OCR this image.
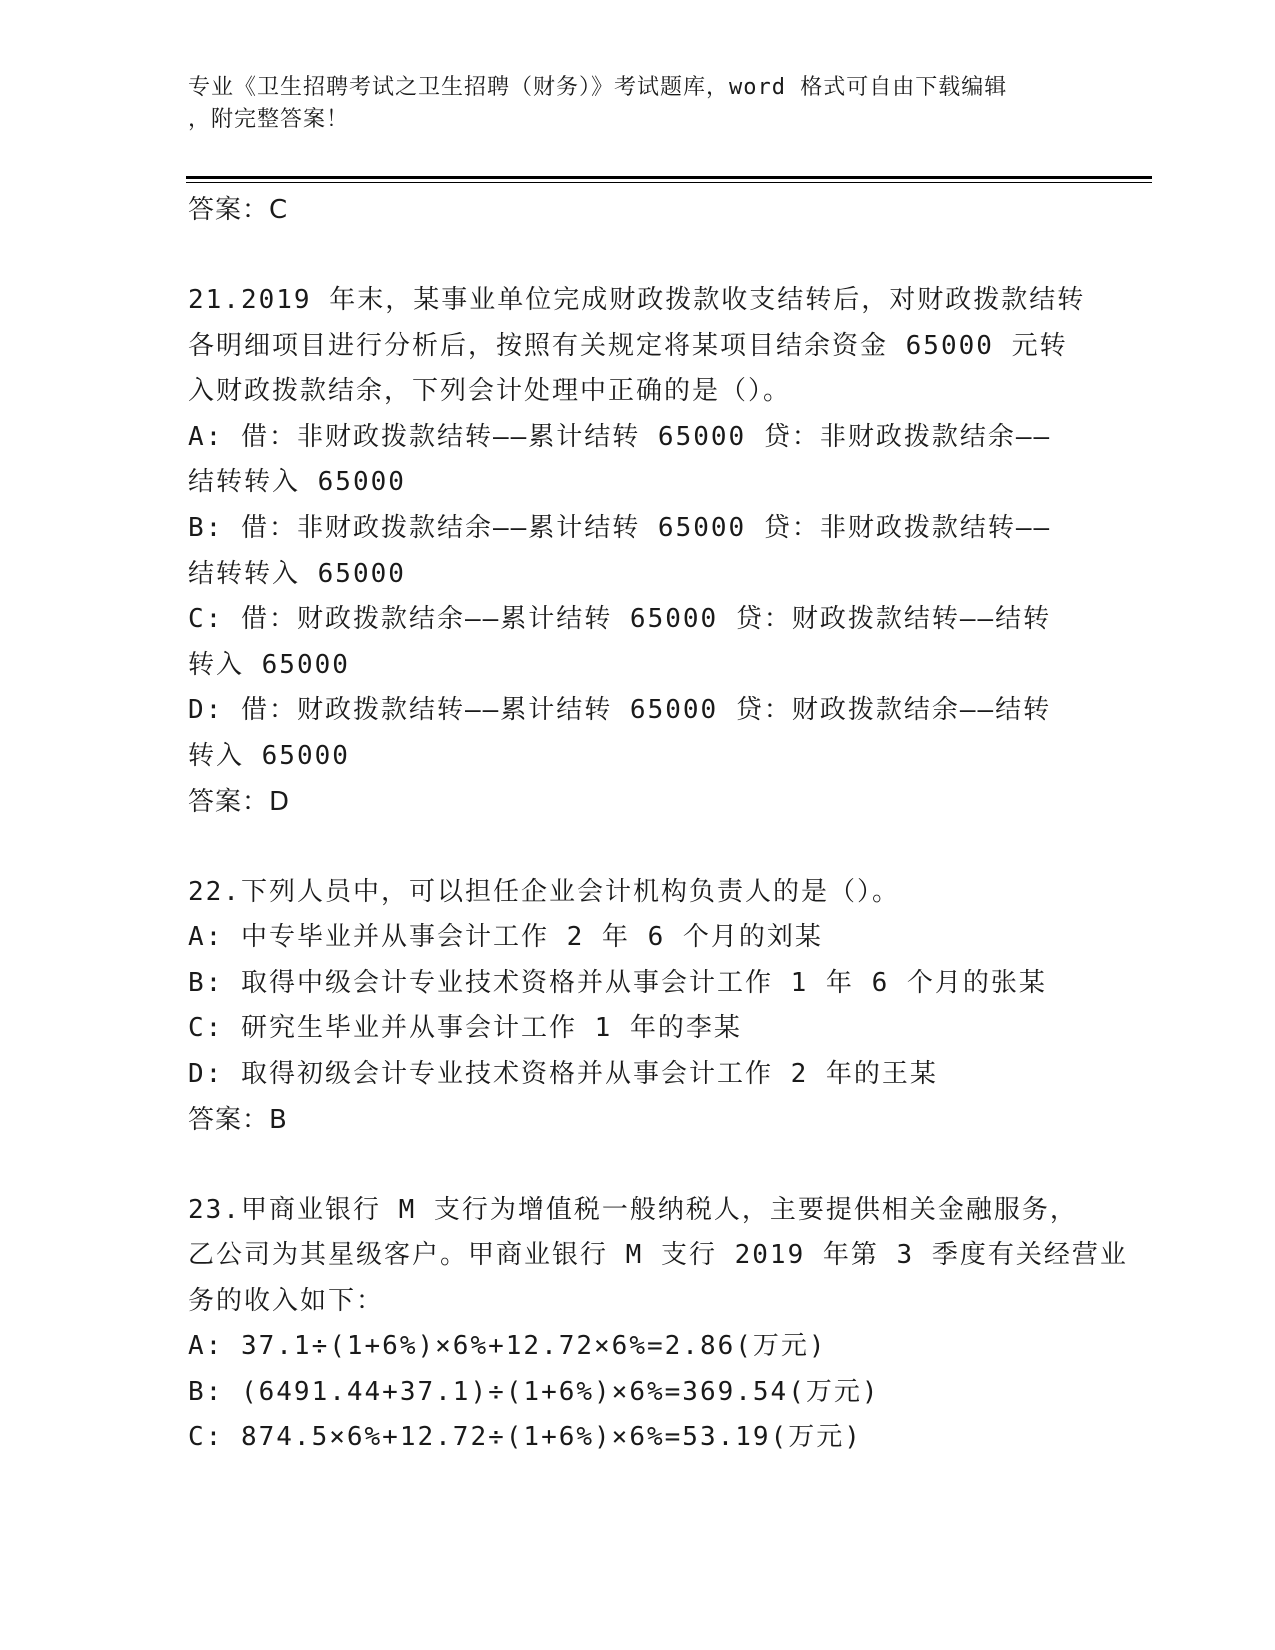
专业《卫生招聘考试之卫生招聘（财务）》考试题库，word 格式可自由下载编辑
，附完整答案！
答案：C
21.2019 年末，某事业单位完成财政拨款收支结转后，对财政拨款结转
各明细项目进行分析后，按照有关规定将某项目结余资金 65000 元转
入财政拨款结余，下列会计处理中正确的是（）。
A: 借：非财政拨款结转——累计结转 65000 贷：非财政拨款结余——
结转转入 65000
B: 借：非财政拨款结余——累计结转 65000 贷：非财政拨款结转——
结转转入 65000
C: 借：财政拨款结余——累计结转 65000 贷：财政拨款结转——结转
转入 65000
D: 借：财政拨款结转——累计结转 65000 贷：财政拨款结余——结转
转入 65000
答案：D
22.下列人员中，可以担任企业会计机构负责人的是（）。
A: 中专毕业并从事会计工作 2 年 6 个月的刘某
B: 取得中级会计专业技术资格并从事会计工作 1 年 6 个月的张某
C: 研究生毕业并从事会计工作 1 年的李某
D: 取得初级会计专业技术资格并从事会计工作 2 年的王某
答案：B
23.甲商业银行 M 支行为增值税一般纳税人，主要提供相关金融服务，
乙公司为其星级客户。甲商业银行 M 支行 2019 年第 3 季度有关经营业
务的收入如下：
A: 37.1÷(1+6%)×6%+12.72×6%=2.86(万元)
B: (6491.44+37.1)÷(1+6%)×6%=369.54(万元)
C: 874.5×6%+12.72÷(1+6%)×6%=53.19(万元)
